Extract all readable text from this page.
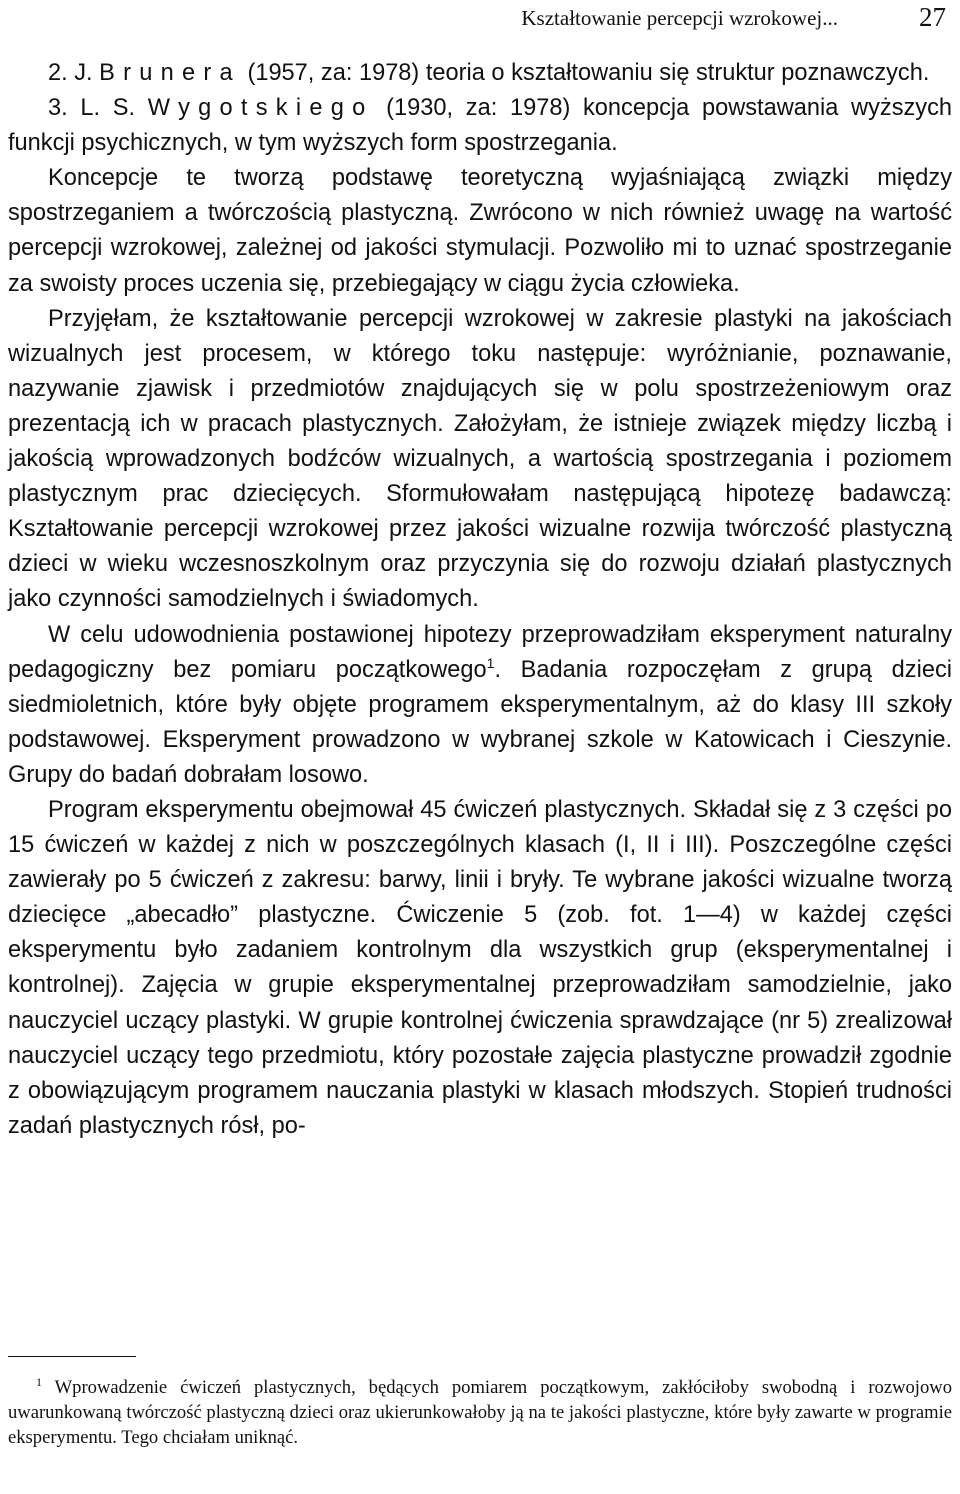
Kształtowanie percepcji wzrokowej...	27

2. J. Brunera (1957, za: 1978) teoria o kształtowaniu się struktur poznawczych.

3. L. S. Wygotskiego (1930, za: 1978) koncepcja powstawania wyższych funkcji psychicznych, w tym wyższych form spostrzegania.

Koncepcje te tworzą podstawę teoretyczną wyjaśniającą związki między spostrzeganiem a twórczością plastyczną. Zwrócono w nich również uwagę na wartość percepcji wzrokowej, zależnej od jakości stymulacji. Pozwoliło mi to uznać spostrzeganie za swoisty proces uczenia się, przebiegający w ciągu życia człowieka.

Przyjęłam, że kształtowanie percepcji wzrokowej w zakresie plastyki na jakościach wizualnych jest procesem, w którego toku następuje: wyróżnianie, poznawanie, nazywanie zjawisk i przedmiotów znajdujących się w polu spostrzeżeniowym oraz prezentacją ich w pracach plastycznych. Założyłam, że istnieje związek między liczbą i jakością wprowadzonych bodźców wizualnych, a wartością spostrzegania i poziomem plastycznym prac dziecięcych. Sformułowałam następującą hipotezę badawczą: Kształtowanie percepcji wzrokowej przez jakości wizualne rozwija twórczość plastyczną dzieci w wieku wczesnoszkolnym oraz przyczynia się do rozwoju działań plastycznych jako czynności samodzielnych i świadomych.

W celu udowodnienia postawionej hipotezy przeprowadziłam eksperyment naturalny pedagogiczny bez pomiaru początkowego$^1$. Badania rozpoczęłam z grupą dzieci siedmioletnich, które były objęte programem eksperymentalnym, aż do klasy III szkoły podstawowej. Eksperyment prowadzono w wybranej szkole w Katowicach i Cieszynie. Grupy do badań dobrałam losowo.

Program eksperymentu obejmował 45 ćwiczeń plastycznych. Składał się z 3 części po 15 ćwiczeń w każdej z nich w poszczególnych klasach (I, II i III). Poszczególne części zawierały po 5 ćwiczeń z zakresu: barwy, linii i bryły. Te wybrane jakości wizualne tworzą dziecięce „abecadło” plastyczne. Ćwiczenie 5 (zob. fot. 1—4) w każdej części eksperymentu było zadaniem kontrolnym dla wszystkich grup (eksperymentalnej i kontrolnej). Zajęcia w grupie eksperymentalnej przeprowadziłam samodzielnie, jako nauczyciel uczący plastyki. W grupie kontrolnej ćwiczenia sprawdzające (nr 5) zrealizował nauczyciel uczący tego przedmiotu, który pozostałe zajęcia plastyczne prowadził zgodnie z obowiązującym programem nauczania plastyki w klasach młodszych. Stopień trudności zadań plastycznych rósł, po-

$^1$ Wprowadzenie ćwiczeń plastycznych, będących pomiarem początkowym, zakłóciłoby swobodną i rozwojowo uwarunkowaną twórczość plastyczną dzieci oraz ukierunkowałoby ją na te jakości plastyczne, które były zawarte w programie eksperymentu. Tego chciałam uniknąć.
